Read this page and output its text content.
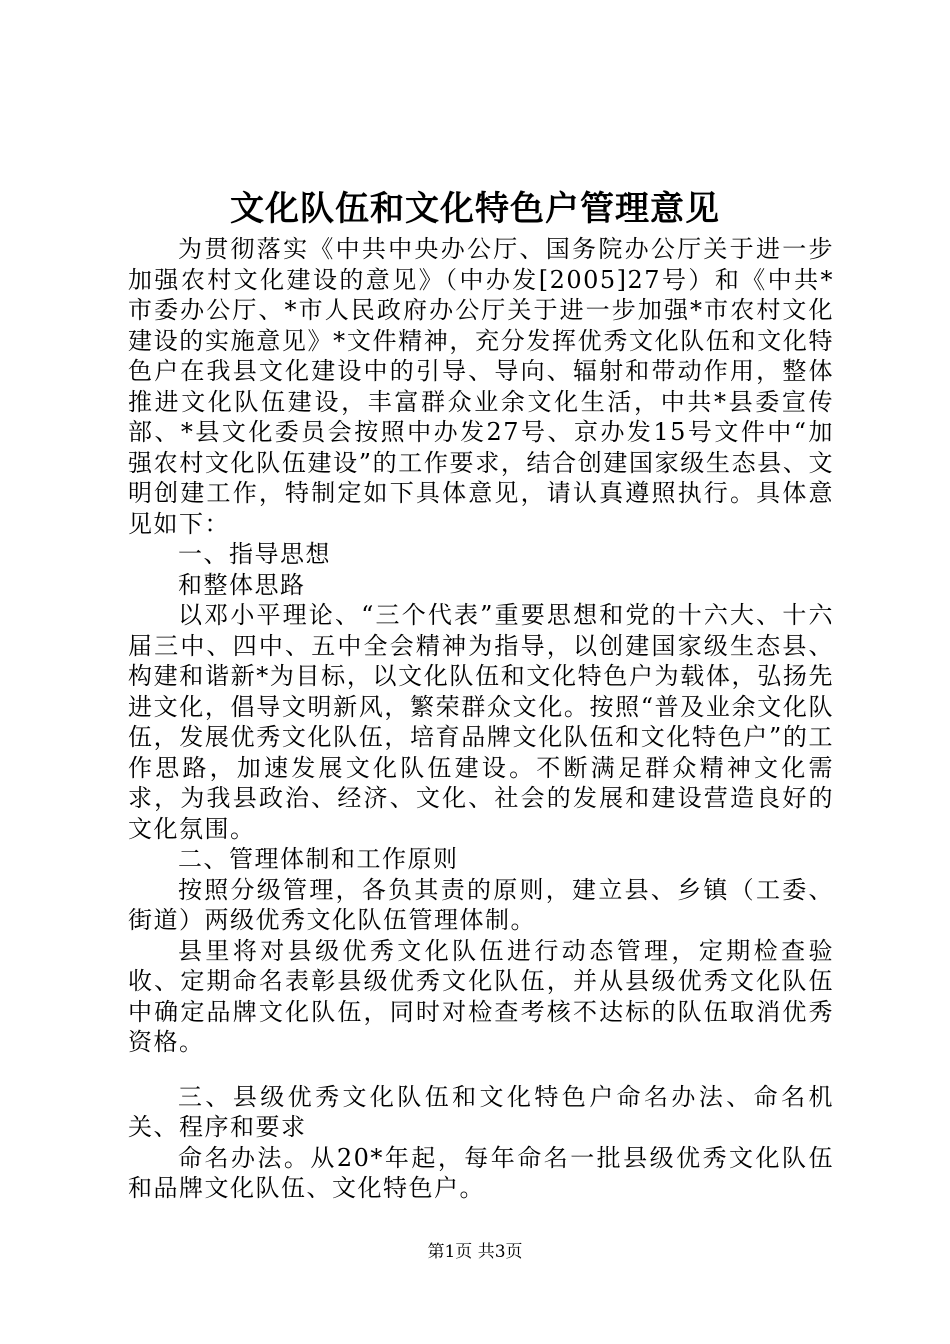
文化队伍和文化特色户管理意见

为贯彻落实《中共中央办公厅、国务院办公厅关于进一步加强农村文化建设的意见》（中办发[2005]27号）和《中共*市委办公厅、*市人民政府办公厅关于进一步加强*市农村文化建设的实施意见》*文件精神，充分发挥优秀文化队伍和文化特色户在我县文化建设中的引导、导向、辐射和带动作用，整体推进文化队伍建设，丰富群众业余文化生活，中共*县委宣传部、*县文化委员会按照中办发27号、京办发15号文件中“加强农村文化队伍建设”的工作要求，结合创建国家级生态县、文明创建工作，特制定如下具体意见，请认真遵照执行。具体意见如下：

一、指导思想

和整体思路

以邓小平理论、“三个代表”重要思想和党的十六大、十六届三中、四中、五中全会精神为指导，以创建国家级生态县、构建和谐新*为目标，以文化队伍和文化特色户为载体，弘扬先进文化，倡导文明新风，繁荣群众文化。按照“普及业余文化队伍，发展优秀文化队伍，培育品牌文化队伍和文化特色户”的工作思路，加速发展文化队伍建设。不断满足群众精神文化需求，为我县政治、经济、文化、社会的发展和建设营造良好的文化氛围。

二、管理体制和工作原则

按照分级管理，各负其责的原则，建立县、乡镇（工委、街道）两级优秀文化队伍管理体制。

县里将对县级优秀文化队伍进行动态管理，定期检查验收、定期命名表彰县级优秀文化队伍，并从县级优秀文化队伍中确定品牌文化队伍，同时对检查考核不达标的队伍取消优秀资格。

三、县级优秀文化队伍和文化特色户命名办法、命名机关、程序和要求

命名办法。从20*年起，每年命名一批县级优秀文化队伍和品牌文化队伍、文化特色户。

第1页 共3页
